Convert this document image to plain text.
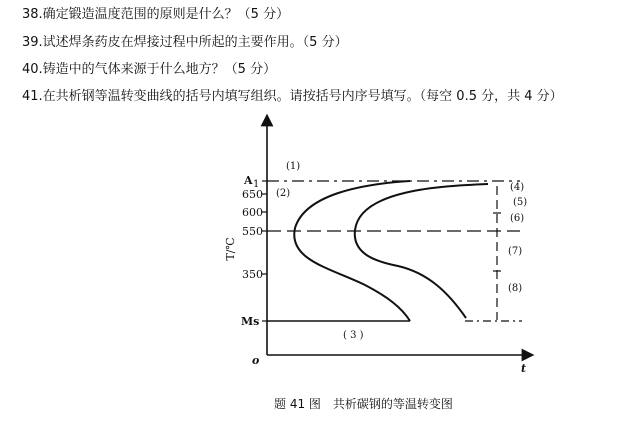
38.确定锻造温度范围的原则是什么？（5 分）
39.试述焊条药皮在焊接过程中所起的主要作用。（5 分）
40.铸造中的气体来源于什么地方？（5 分）
41.在共析钢等温转变曲线的括号内填写组织。请按括号内序号填写。（每空 0.5 分，共 4 分）
T/℃
A 1
650
600
550
350
Ms
o
t
(1)
(2)
( 3 )
(4)
(5)
(6)
(7)
(8)
题 41 图　共析碳钢的等温转变图
